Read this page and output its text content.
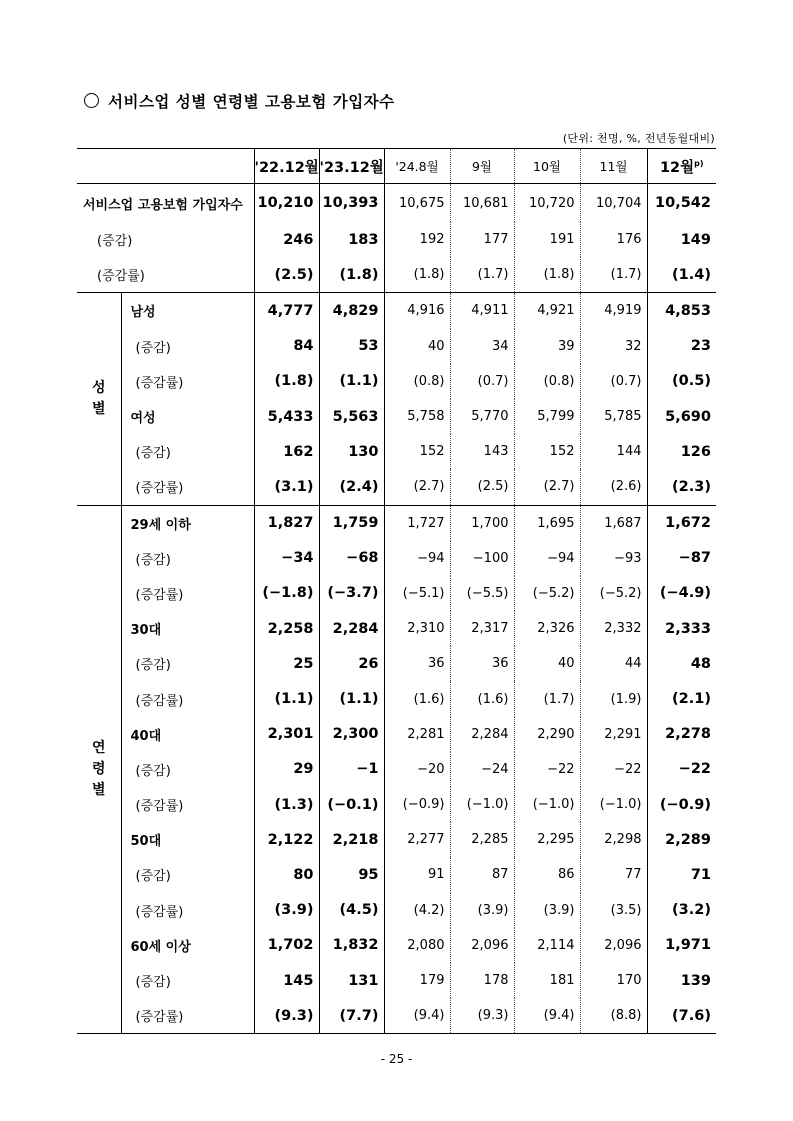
서비스업 성별 연령별 고용보험 가입자수
(단위: 천명, %, 전년동월대비)
		'22.12월	'23.12월	'24.8월	9월	10월	11월	12월$^{p)}$
서비스업 고용보험 가입자수		10,210	10,393	10,675	10,681	10,720	10,704	10,542
(증감)		246	183	192	177	191	176	149
(증감률)		(2.5)	(1.8)	(1.8)	(1.7)	(1.8)	(1.7)	(1.4)
성별	남성	4,777	4,829	4,916	4,911	4,921	4,919	4,853
	(증감)	84	53	40	34	39	32	23
	(증감률)	(1.8)	(1.1)	(0.8)	(0.7)	(0.8)	(0.7)	(0.5)
	여성	5,433	5,563	5,758	5,770	5,799	5,785	5,690
	(증감)	162	130	152	143	152	144	126
	(증감률)	(3.1)	(2.4)	(2.7)	(2.5)	(2.7)	(2.6)	(2.3)
연령별	29세 이하	1,827	1,759	1,727	1,700	1,695	1,687	1,672
	(증감)	−34	−68	−94	−100	−94	−93	−87
	(증감률)	(−1.8)	(−3.7)	(−5.1)	(−5.5)	(−5.2)	(−5.2)	(−4.9)
	30대	2,258	2,284	2,310	2,317	2,326	2,332	2,333
	(증감)	25	26	36	36	40	44	48
	(증감률)	(1.1)	(1.1)	(1.6)	(1.6)	(1.7)	(1.9)	(2.1)
	40대	2,301	2,300	2,281	2,284	2,290	2,291	2,278
	(증감)	29	−1	−20	−24	−22	−22	−22
	(증감률)	(1.3)	(−0.1)	(−0.9)	(−1.0)	(−1.0)	(−1.0)	(−0.9)
	50대	2,122	2,218	2,277	2,285	2,295	2,298	2,289
	(증감)	80	95	91	87	86	77	71
	(증감률)	(3.9)	(4.5)	(4.2)	(3.9)	(3.9)	(3.5)	(3.2)
	60세 이상	1,702	1,832	2,080	2,096	2,114	2,096	1,971
	(증감)	145	131	179	178	181	170	139
	(증감률)	(9.3)	(7.7)	(9.4)	(9.3)	(9.4)	(8.8)	(7.6)
- 25 -
